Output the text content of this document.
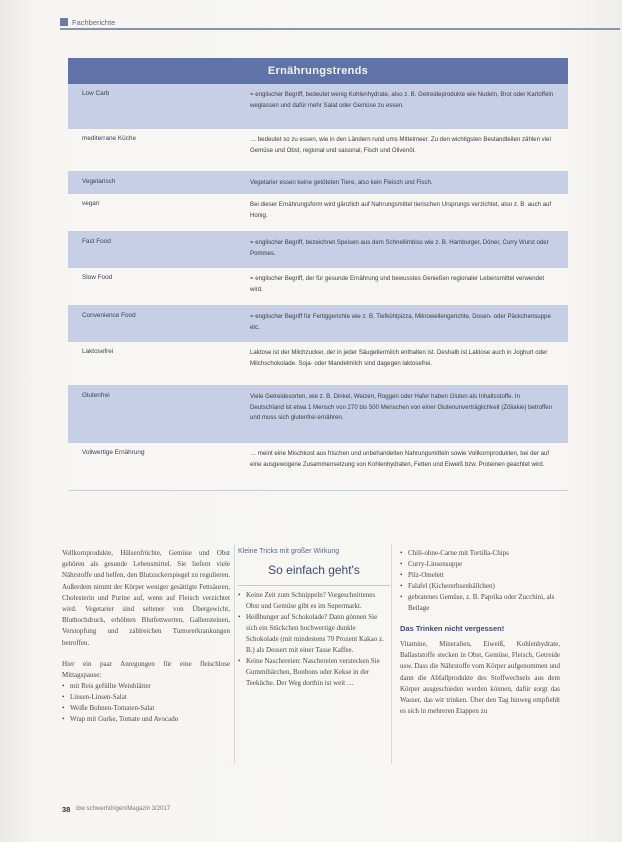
Fachberichte
Ernährungstrends
Low Carb	= englischer Begriff, bedeutet wenig Kohlenhydrate, also z. B. Getreideprodukte wie Nudeln, Brot oder Kartoffeln weglassen und dafür mehr Salat oder Gemüse zu essen.
mediterrane Küche	… bedeutet so zu essen, wie in den Ländern rund ums Mittelmeer. Zu den wichtigsten Bestandteilen zählen viel Gemüse und Obst, regional und saisonal, Fisch und Olivenöl.
Vegetarisch	Vegetarier essen keine getöteten Tiere, also kein Fleisch und Fisch.
vegan	Bei dieser Ernährungsform wird gänzlich auf Nahrungsmittel tierischen Ursprungs verzichtet, also z. B. auch auf Honig.
Fast Food	= englischer Begriff, bezeichnet Speisen aus dem Schnellimbiss wie z. B. Hamburger, Döner, Curry Wurst oder Pommes.
Slow Food	= englischer Begriff, der für gesunde Ernährung und bewusstes Genießen regionaler Lebensmittel verwendet wird.
Convenience Food	= englischer Begriff für Fertiggerichte wie z. B. Tiefkühlpizza, Mikrowellengerichte, Dosen- oder Päckchensuppe etc.
Laktosefrei	Laktose ist der Milchzucker, der in jeder Säugetiermilch enthalten ist. Deshalb ist Laktose auch in Joghurt oder Milchschokolade. Soja- oder Mandelmilch sind dagegen laktosefrei.
Glutenfrei	Viele Getreidesorten, wie z. B. Dinkel, Weizen, Roggen oder Hafer haben Gluten als Inhaltsstoffe. In Deutschland ist etwa 1 Mensch von 270 bis 500 Menschen von einer Glutenunverträglichkeit (Zöliakie) betroffen und muss sich glutenfrei ernähren.
Vollwertige Ernährung	… meint eine Mischkost aus frischen und unbehandelten Nahrungsmitteln sowie Vollkornprodukten, bei der auf eine ausgewogene Zusammensetzung von Kohlenhydraten, Fetten und Eiweiß bzw. Proteinen geachtet wird.

Vollkornprodukte, Hülsenfrüchte, Gemüse und Obst gehören als gesunde Lebensmittel. Sie liefern viele Nährstoffe und helfen, den Blutzuckerspiegel zu regulieren. Außerdem nimmt der Körper weniger gesättigte Fettsäuren, Cholesterin und Purine auf, wenn auf Fleisch verzichtet wird. Vegetarier sind seltener von Übergewicht, Bluthochdruck, erhöhten Blutfettwerten, Gallensteinen, Verstopfung und zahlreichen Tumorerkrankungen betroffen.

Hier ein paar Anregungen für eine fleischlose Mittagspause:

• mit Reis gefüllte Weinblätter
• Linsen-Linsen-Salat
• Weiße Bohnen-Tomaten-Salat
• Wrap mit Gurke, Tomate und Avocado
Kleine Tricks mit großer Wirkung
So einfach geht's
• Keine Zeit zum Schnippeln? Vorgeschnittenes Obst und Gemüse gibt es im Supermarkt.
• Heißhunger auf Schokolade? Dann gönnen Sie sich ein Stückchen hochwertige dunkle Schokolade (mit mindestens 70 Prozent Kakao z. B.) als Dessert mit einer Tasse Kaffee.
• Keine Naschereien: Naschereien verstecken Sie Gummibärchen, Bonbons oder Kekse in der Teeküche. Der Weg dorthin ist weit …
• Chili-ohne-Carne mit Tortilla-Chips
• Curry-Linsensuppe
• Pilz-Omelett
• Falafel (Kichererbsenbällchen)
• gebratenes Gemüse, z. B. Paprika oder Zucchini, als Beilage
Das Trinken nicht vergessen!

Vitamine, Mineralien, Eiweiß, Kohlenhydrate, Ballaststoffe stecken in Obst, Gemüse, Fleisch, Getreide usw. Dass die Nährstoffe vom Körper aufgenommen und dann die Abfallprodukte des Stoffwechsels aus dem Körper ausgeschieden werden können, dafür sorgt das Wasser, das wir trinken. Über den Tag hinweg empfiehlt es sich in mehreren Etappen zu

38 ibw schwerhörigen/Magazin 3/2017
